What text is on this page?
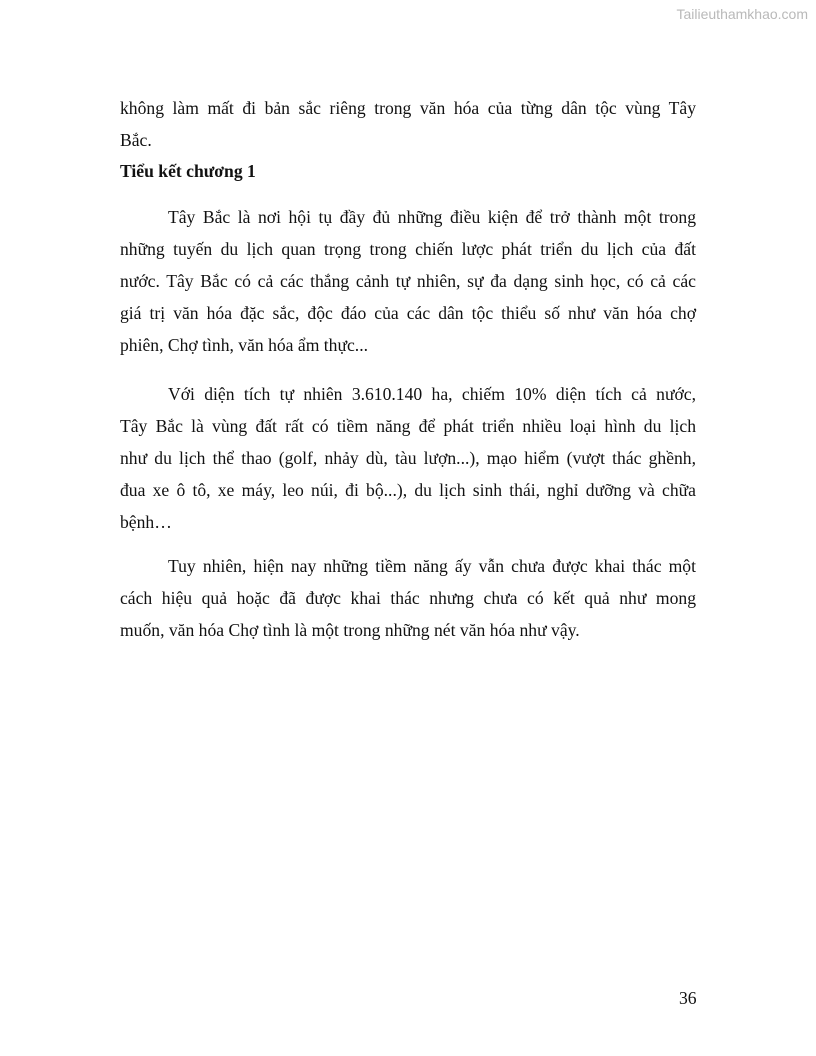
Tailieuthamkhao.com
không làm mất đi bản sắc riêng trong văn hóa của từng dân tộc vùng Tây
Bắc.
Tiểu kết chương 1
Tây Bắc là nơi hội tụ đầy đủ những điều kiện để trở thành một trong
những tuyến du lịch quan trọng trong chiến lược phát triển du lịch của đất
nước. Tây Bắc có cả các thắng cảnh tự nhiên, sự đa dạng sinh học, có cả các
giá trị văn hóa đặc sắc, độc đáo của các dân tộc thiểu số như văn hóa chợ
phiên, Chợ tình, văn hóa ẩm thực...
Với diện tích tự nhiên 3.610.140 ha, chiếm 10% diện tích cả nước,
Tây Bắc là vùng đất rất có tiềm năng để phát triển nhiều loại hình du lịch
như du lịch thể thao (golf, nhảy dù, tàu lượn...), mạo hiểm (vượt thác ghềnh,
đua xe ô tô, xe máy, leo núi, đi bộ...), du lịch sinh thái, nghỉ dưỡng và chữa
bệnh…
Tuy nhiên, hiện nay những tiềm năng ấy vẫn chưa được khai thác một
cách hiệu quả hoặc đã được khai thác nhưng chưa có kết quả như mong
muốn, văn hóa Chợ tình là một trong những nét văn hóa như vậy.
36
